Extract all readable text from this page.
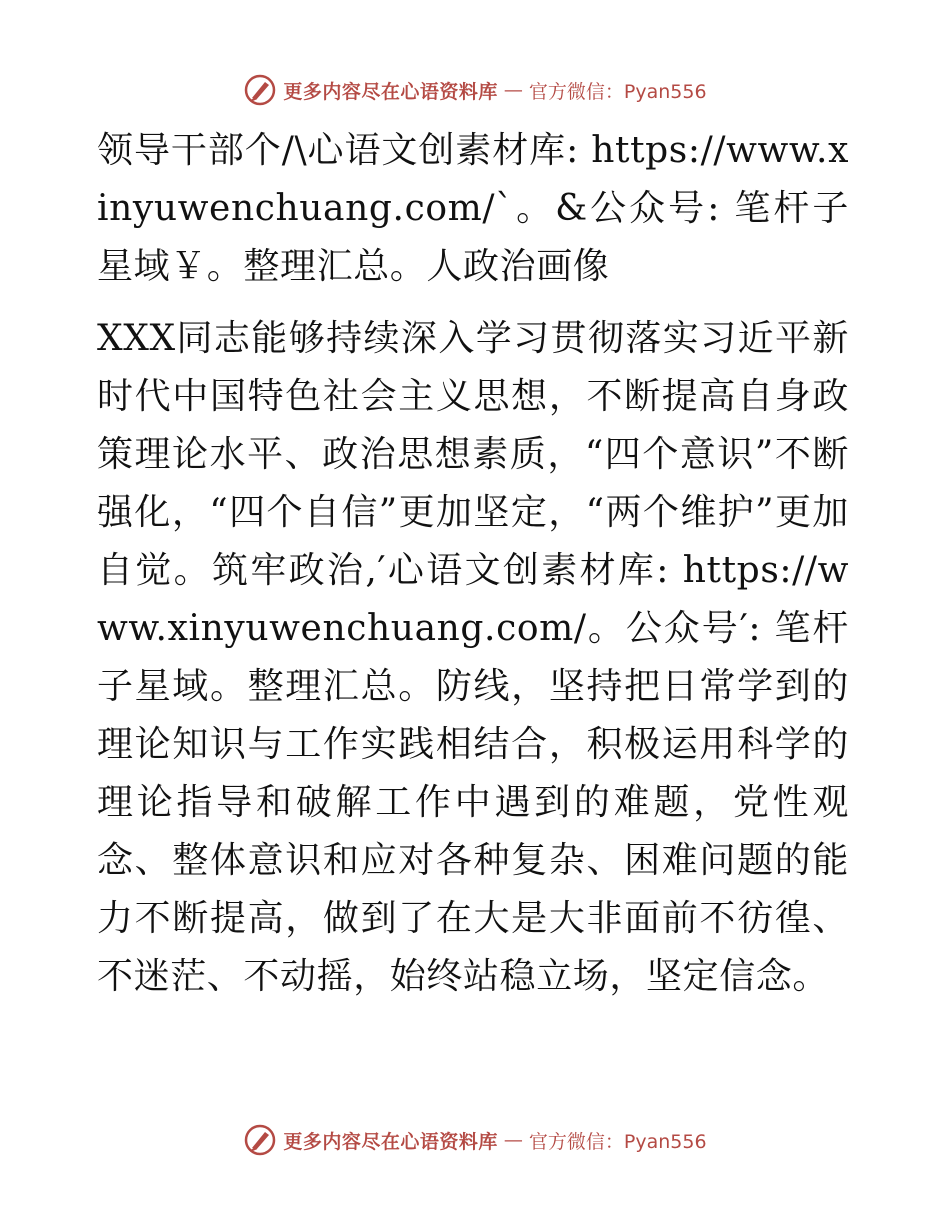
更多内容尽在心语资料库 — 官方微信：Pyan556

领导干部个/\心语文创素材库: https://www.xinyuwenchuang.com/`。&公众号: 笔杆子星域￥。整理汇总。人政治画像

XXX同志能够持续深入学习贯彻落实习近平新时代中国特色社会主义思想，不断提高自身政策理论水平、政治思想素质，“四个意识”不断强化，“四个自信”更加坚定，“两个维护”更加自觉。筑牢政治,′心语文创素材库: https://www.xinyuwenchuang.com/。公众号′: 笔杆子星域。整理汇总。防线，坚持把日常学到的理论知识与工作实践相结合，积极运用科学的理论指导和破解工作中遇到的难题，党性观念、整体意识和应对各种复杂、困难问题的能力不断提高，做到了在大是大非面前不彷徨、不迷茫、不动摇，始终站稳立场，坚定信念。

更多内容尽在心语资料库 — 官方微信：Pyan556
